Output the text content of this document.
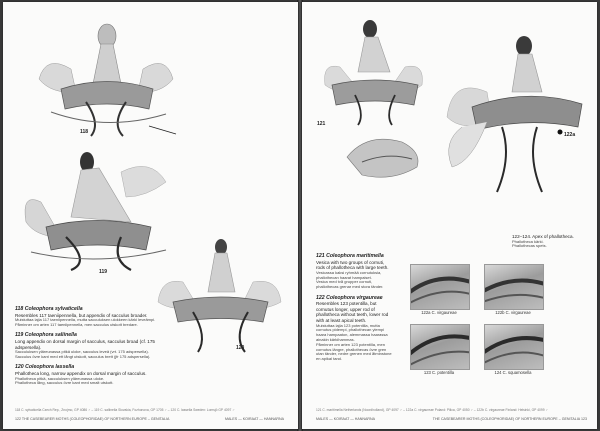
118
119
120
118 Coleophora sylvaticella
Resembles 117 taeniipennella, but appendix of sacculus broader.
Muistuttaa lajia 117 taeniipennella, mutta sacculuksen ulokkeen kärki leveämpi.
Påminner om arten 117 taeniipennella, men sacculus utskott bredare.

119 Coleophora saliinella
Long appendix on dorsal margin of sacculus, sacculus broad (cf. 175 adspersella).
Sacculuksen yläreunassa pitkä uloke, sacculus leveä (vrt. 175 adspersella).
Sacculus övre kant med ett långt utskott, sacculus brett (jfr 175 adspersella).

120 Coleophora lassella
Phallotheca long, narrow appendix on dorsal margin of sacculus.
Phallotheca pitkä, sacculuksen yläreunassa uloke.
Phallotheca lång, sacculus övre kant med smalt utskott.
118 C. sylvaticella Czech Rep., Znojmo, GP 4086 ♂ – 119 C. saliinella Slovakia, Fozhonova, GP 1705 ♂ – 120 C. lassella Sweden: Lomsjö GP 4097 ♂
122 THE CASEBEARER MOTHS (COLEOPHORIDAE) OF NORTHERN EUROPE – GENITALIA	MALES — KOIRAAT — HANNARNA
121
122a
122–124. Apex of phallotheca.
Phallotheca kärki.
Phallothecas spets.
121 Coleophora maritimella
Vesica with two groups of cornuti, rods of phallotheca with large teeth.
Vesicassa kaksi ryhmää cornutuksia, phallothecan haarat hampaiset.
Vesica med två grupper cornuti, phallothecas grenar med stora tänder.

122 Coleophora virgaureae
Resembles 123 potentilla, but cornutus longer, upper rod of phallotheca without teeth, lower rod with at least apical teeth.
Muistuttaa lajia 123 potentilla, mutta cornutus pidempi, phallothecan ylempi haara hampaaton, alemmassa haarassa ainakin kärkihammas.
Påminner om arten 123 potentilla, men cornutus längre, phallothecas övre gren utan tänder, nedre grenen med åtminstone en apikal tand.
122a C. virgaureae	122b C. virgaureae
123 C. potentilla	124 C. squamosella
121 C. maritimella Netherlands (Noordholland), GP 4097 ♂ – 122a C. virgaureae Poland: Pilica, GP 4050 ♂ – 122b C. virgaureae Finland: Helsinki, GP 4099 ♂
MALES — KOIRAAT — HANNARNA	THE CASEBEARER MOTHS (COLEOPHORIDAE) OF NORTHERN EUROPE – GENITALIA 123
